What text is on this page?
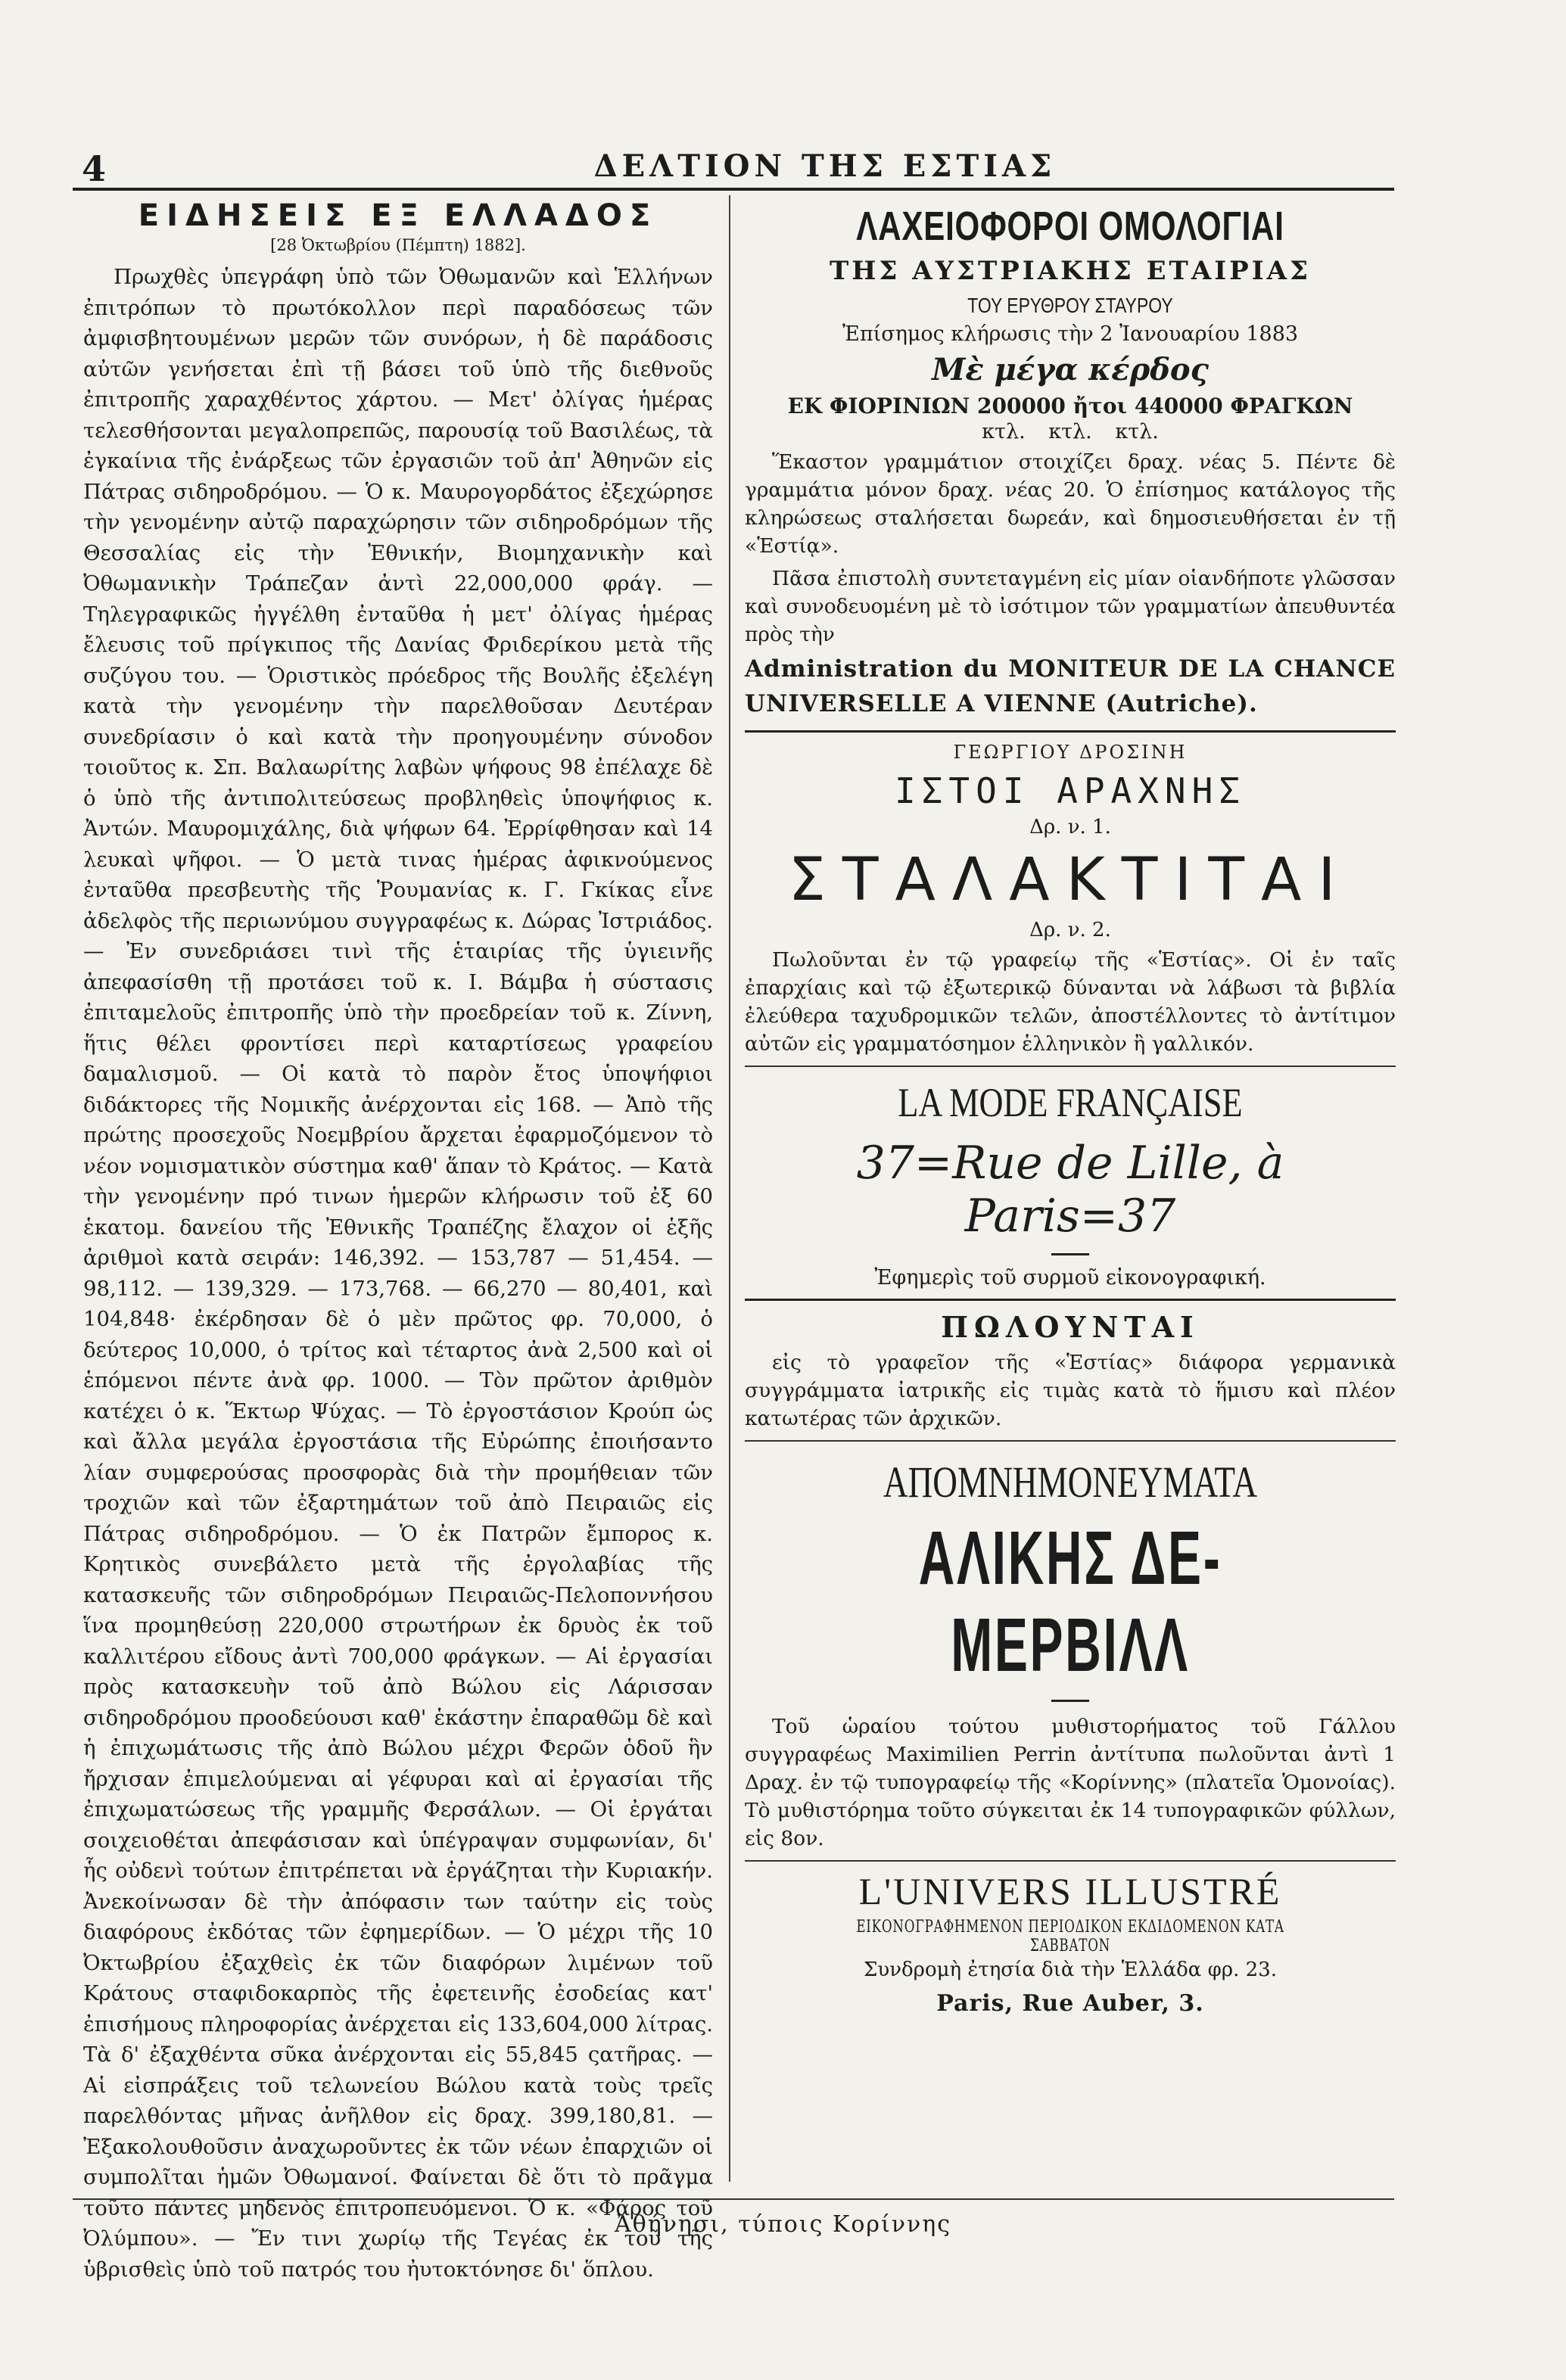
4	ΔΕΛΤΙΟΝ ΤΗΣ ΕΣΤΙΑΣ
ΕΙΔΗΣΕΙΣ ΕΞ ΕΛΛΑΔΟΣ
[28 Ὀκτωβρίου (Πέμπτη) 1882].

Πρωχθὲς ὑπεγράφη ὑπὸ τῶν Ὀθωμανῶν καὶ Ἑλλήνων ἐπιτρόπων τὸ πρωτόκολλον περὶ παραδόσεως τῶν ἀμφισβητουμένων μερῶν τῶν συνόρων, ἡ δὲ παράδοσις αὐτῶν γενήσεται ἐπὶ τῇ βάσει τοῦ ὑπὸ τῆς διεθνοῦς ἐπιτροπῆς χαραχθέντος χάρτου. — Μετ' ὀλίγας ἡμέρας τελεσθήσονται μεγαλοπρεπῶς, παρουσίᾳ τοῦ Βασιλέως, τὰ ἐγκαίνια τῆς ἐνάρξεως τῶν ἐργασιῶν τοῦ ἀπ' Ἀθηνῶν εἰς Πάτρας σιδηροδρόμου. — Ὁ κ. Μαυρογορδάτος ἐξεχώρησε τὴν γενομένην αὐτῷ παραχώρησιν τῶν σιδηροδρόμων τῆς Θεσσαλίας εἰς τὴν Ἐθνικήν, Βιομηχανικὴν καὶ Ὀθωμανικὴν Τράπεζαν ἀντὶ 22,000,000 φράγ. — Τηλεγραφικῶς ἠγγέλθη ἐνταῦθα ἡ μετ' ὀλίγας ἡμέρας ἔλευσις τοῦ πρίγκιπος τῆς Δανίας Φριδερίκου μετὰ τῆς συζύγου του. — Ὁριστικὸς πρόεδρος τῆς Βουλῆς ἐξελέγη κατὰ τὴν γενομένην τὴν παρελθοῦσαν Δευτέραν συνεδρίασιν ὁ καὶ κατὰ τὴν προηγουμένην σύνοδον τοιοῦτος κ. Σπ. Βαλαωρίτης λαβὼν ψήφους 98 ἐπέλαχε δὲ ὁ ὑπὸ τῆς ἀντιπολιτεύσεως προβληθεὶς ὑποψήφιος κ. Ἀντών. Μαυρομιχάλης, διὰ ψήφων 64. Ἐρρίφθησαν καὶ 14 λευκαὶ ψῆφοι. — Ὁ μετὰ τινας ἡμέρας ἀφικνούμενος ἐνταῦθα πρεσβευτὴς τῆς Ῥουμανίας κ. Γ. Γκίκας εἶνε ἀδελφὸς τῆς περιωνύμου συγγραφέως κ. Δώρας Ἰστριάδος. — Ἐν συνεδριάσει τινὶ τῆς ἑταιρίας τῆς ὑγιεινῆς ἀπεφασίσθη τῇ προτάσει τοῦ κ. Ι. Βάμβα ἡ σύστασις ἐπιταμελοῦς ἐπιτροπῆς ὑπὸ τὴν προεδρείαν τοῦ κ. Ζίννη, ἥτις θέλει φροντίσει περὶ καταρτίσεως γραφείου δαμαλισμοῦ. — Οἱ κατὰ τὸ παρὸν ἔτος ὑποψήφιοι διδάκτορες τῆς Νομικῆς ἀνέρχονται εἰς 168. — Ἀπὸ τῆς πρώτης προσεχοῦς Νοεμβρίου ἄρχεται ἐφαρμοζόμενον τὸ νέον νομισματικὸν σύστημα καθ' ἅπαν τὸ Κράτος. — Κατὰ τὴν γενομένην πρό τινων ἡμερῶν κλήρωσιν τοῦ ἐξ 60 ἑκατομ. δανείου τῆς Ἐθνικῆς Τραπέζης ἔλαχον οἱ ἑξῆς ἀριθμοὶ κατὰ σειράν: 146,392. — 153,787 — 51,454. — 98,112. — 139,329. — 173,768. — 66,270 — 80,401, καὶ 104,848· ἐκέρδησαν δὲ ὁ μὲν πρῶτος φρ. 70,000, ὁ δεύτερος 10,000, ὁ τρίτος καὶ τέταρτος ἀνὰ 2,500 καὶ οἱ ἑπόμενοι πέντε ἀνὰ φρ. 1000. — Τὸν πρῶτον ἀριθμὸν κατέχει ὁ κ. Ἕκτωρ Ψύχας. — Τὸ ἐργοστάσιον Κρούπ ὡς καὶ ἄλλα μεγάλα ἐργοστάσια τῆς Εὐρώπης ἐποιήσαντο λίαν συμφερούσας προσφορὰς διὰ τὴν προμήθειαν τῶν τροχιῶν καὶ τῶν ἐξαρτημάτων τοῦ ἀπὸ Πειραιῶς εἰς Πάτρας σιδηροδρόμου. — Ὁ ἐκ Πατρῶν ἔμπορος κ. Κρητικὸς συνεβάλετο μετὰ τῆς ἐργολαβίας τῆς κατασκευῆς τῶν σιδηροδρόμων Πειραιῶς-Πελοποννήσου ἵνα προμηθεύσῃ 220,000 στρωτήρων ἐκ δρυὸς ἐκ τοῦ καλλιτέρου εἴδους ἀντὶ 700,000 φράγκων. — Αἱ ἐργασίαι πρὸς κατασκευὴν τοῦ ἀπὸ Βώλου εἰς Λάρισσαν σιδηροδρόμου προοδεύουσι καθ' ἑκάστην ἐπαραθῶμ δὲ καὶ ἡ ἐπιχωμάτωσις τῆς ἀπὸ Βώλου μέχρι Φερῶν ὁδοῦ ἣν ἤρχισαν ἐπιμελούμεναι αἱ γέφυραι καὶ αἱ ἐργασίαι τῆς ἐπιχωματώσεως τῆς γραμμῆς Φερσάλων. — Οἱ ἐργάται σοιχειοθέται ἀπεφάσισαν καὶ ὑπέγραψαν συμφωνίαν, δι' ἧς οὐδενὶ τούτων ἐπιτρέπεται νὰ ἐργάζηται τὴν Κυριακήν. Ἀνεκοίνωσαν δὲ τὴν ἀπόφασιν των ταύτην εἰς τοὺς διαφόρους ἐκδότας τῶν ἐφημερίδων. — Ὁ μέχρι τῆς 10 Ὀκτωβρίου ἐξαχθεὶς ἐκ τῶν διαφόρων λιμένων τοῦ Κράτους σταφιδοκαρπὸς τῆς ἐφετεινῆς ἐσοδείας κατ' ἐπισήμους πληροφορίας ἀνέρχεται εἰς 133,604,000 λίτρας. Τὰ δ' ἐξαχθέντα σῦκα ἀνέρχονται εἰς 55,845 ςατῆρας. — Αἱ εἰσπράξεις τοῦ τελωνείου Βώλου κατὰ τοὺς τρεῖς παρελθόντας μῆνας ἀνῆλθον εἰς δραχ. 399,180,81. — Ἐξακολουθοῦσιν ἀναχωροῦντες ἐκ τῶν νέων ἐπαρχιῶν οἱ συμπολῖται ἡμῶν Ὀθωμανοί. Φαίνεται δὲ ὅτι τὸ πρᾶγμα τοῦτο πάντες μηδενὸς ἐπιτροπευόμενοι. Ὁ κ. «Φάρος τοῦ Ὀλύμπου». — Ἔν τινι χωρίῳ τῆς Τεγέας ἐκ τοῦ τῆς ὑβρισθεὶς ὑπὸ τοῦ πατρός του ἠυτοκτόνησε δι' ὅπλου.

ΛΑΧΕΙΟΦΟΡΟΙ ΟΜΟΛΟΓΙΑΙ
ΤΗΣ ΑΥΣΤΡΙΑΚΗΣ ΕΤΑΙΡΙΑΣ
ΤΟΥ ΕΡΥΘΡΟΥ ΣΤΑΥΡΟΥ
Ἐπίσημος κλήρωσις τὴν 2 Ἰανουαρίου 1883
Μὲ μέγα κέρδος
ΕΚ ΦΙΟΡΙΝΙΩΝ 200000 ἤτοι 440000 ΦΡΑΓΚΩΝ
κτλ. κτλ. κτλ.

Ἕκαστον γραμμάτιον στοιχίζει δραχ. νέας 5. Πέντε δὲ γραμμάτια μόνον δραχ. νέας 20. Ὁ ἐπίσημος κατάλογος τῆς κληρώσεως σταλήσεται δωρεάν, καὶ δημοσιευθήσεται ἐν τῇ «Ἑστίᾳ».

Πᾶσα ἐπιστολὴ συντεταγμένη εἰς μίαν οἱανδήποτε γλῶσσαν καὶ συνοδευομένη μὲ τὸ ἰσότιμον τῶν γραμματίων ἀπευθυντέα πρὸς τὴν

Administration du MONITEUR DE LA CHANCE UNIVERSELLE A VIENNE (Autriche).

ΓΕΩΡΓΙΟΥ ΔΡΟΣΙΝΗ
ΙΣΤΟΙ ΑΡΑΧΝΗΣ
Δρ. ν. 1.
ΣΤΑΛΑΚΤΙΤΑΙ
Δρ. ν. 2.

Πωλοῦνται ἐν τῷ γραφείῳ τῆς «Ἑστίας». Οἱ ἐν ταῖς ἐπαρχίαις καὶ τῷ ἐξωτερικῷ δύνανται νὰ λάβωσι τὰ βιβλία ἐλεύθερα ταχυδρομικῶν τελῶν, ἀποστέλλοντες τὸ ἀντίτιμον αὐτῶν εἰς γραμματόσημον ἑλληνικὸν ἢ γαλλικόν.

LA MODE FRANÇAISE
37=Rue de Lille, à Paris=37
Ἐφημερὶς τοῦ συρμοῦ εἰκονογραφική.
ΠΩΛΟΥΝΤΑΙ

εἰς τὸ γραφεῖον τῆς «Ἑστίας» διάφορα γερμανικὰ συγγράμματα ἰατρικῆς εἰς τιμὰς κατὰ τὸ ἥμισυ καὶ πλέον κατωτέρας τῶν ἀρχικῶν.

ΑΠΟΜΝΗΜΟΝΕΥΜΑΤΑ
ΑΛΙΚΗΣ ΔΕ-ΜΕΡΒΙΛΛ

Τοῦ ὡραίου τούτου μυθιστορήματος τοῦ Γάλλου συγγραφέως Maximilien Perrin ἀντίτυπα πωλοῦνται ἀντὶ 1 Δραχ. ἐν τῷ τυπογραφείῳ τῆς «Κορίννης» (πλατεῖα Ὁμονοίας). Τὸ μυθιστόρημα τοῦτο σύγκειται ἐκ 14 τυπογραφικῶν φύλλων, εἰς 8ον.

L'UNIVERS ILLUSTRÉ
ΕΙΚΟΝΟΓΡΑΦΗΜΕΝΟΝ ΠΕΡΙΟΔΙΚΟΝ ΕΚΔΙΔΟΜΕΝΟΝ ΚΑΤΑ ΣΑΒΒΑΤΟΝ
Συνδρομὴ ἐτησία διὰ τὴν Ἑλλάδα φρ. 23.
Paris, Rue Auber, 3.
Ἀθήνησι, τύποις Κορίννης
